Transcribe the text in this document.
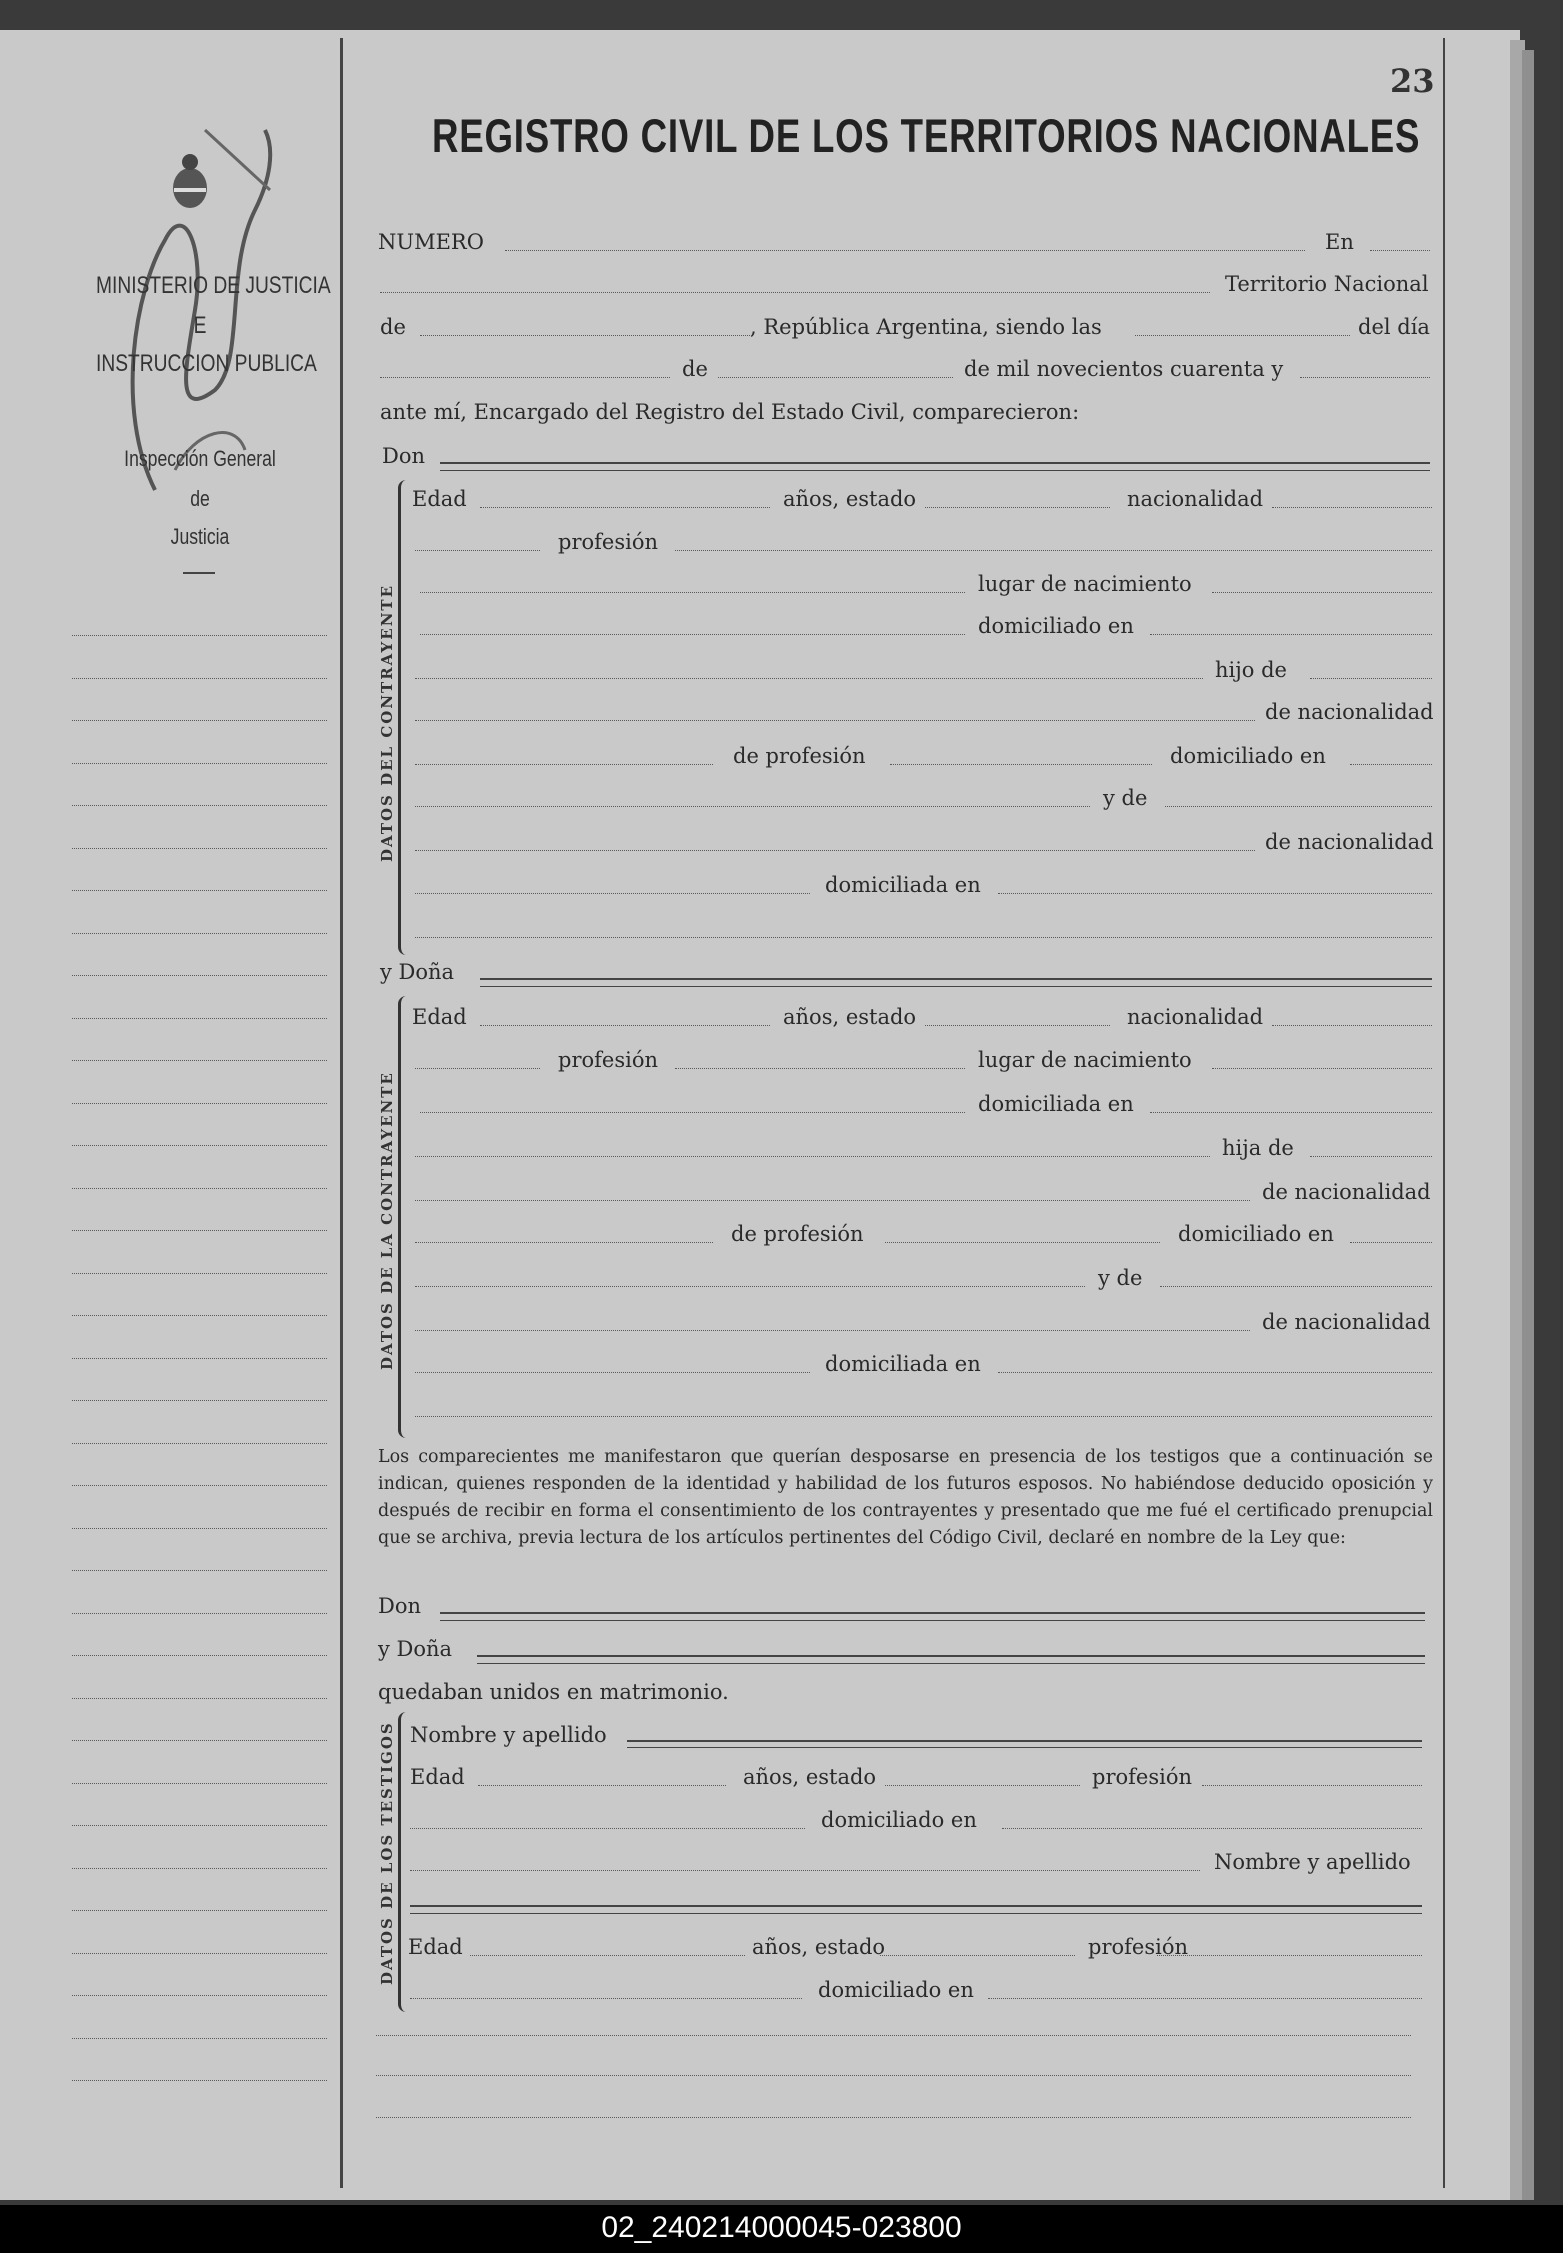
MINISTERIO DE JUSTICIA
E
INSTRUCCION PUBLICA
Inspección General
de
Justicia
23
REGISTRO CIVIL DE LOS TERRITORIOS NACIONALES
NUMERO	En
Territorio Nacional
de	, República Argentina, siendo las	del día
de	de mil novecientos cuarenta y
ante mí, Encargado del Registro del Estado Civil, comparecieron:
Don
DATOS DEL CONTRAYENTE
Edad	años, estado	nacionalidad
profesión
lugar de nacimiento
domiciliado en
hijo de
de nacionalidad
de profesión	domiciliado en
y de
de nacionalidad
domiciliada en
y Doña
DATOS DE LA CONTRAYENTE
Edad	años, estado	nacionalidad
profesión	lugar de nacimiento
domiciliada en
hija de
de nacionalidad
de profesión	domiciliado en
y de
de nacionalidad
domiciliada en
Los comparecientes me manifestaron que querían desposarse en presencia de los testigos que a continuación se indican, quienes responden de la identidad y habilidad de los futuros esposos. No habiéndose deducido oposición y después de recibir en forma el consentimiento de los contrayentes y presentado que me fué el certificado prenupcial que se archiva, previa lectura de los artículos pertinentes del Código Civil, declaré en nombre de la Ley que:
Don
y Doña
quedaban unidos en matrimonio.
DATOS DE LOS TESTIGOS Nombre y apellido
Edad	años, estado	profesión
domiciliado en
Nombre y apellido
Edad	años, estado	profesión
domiciliado en
02_240214000045-023800
